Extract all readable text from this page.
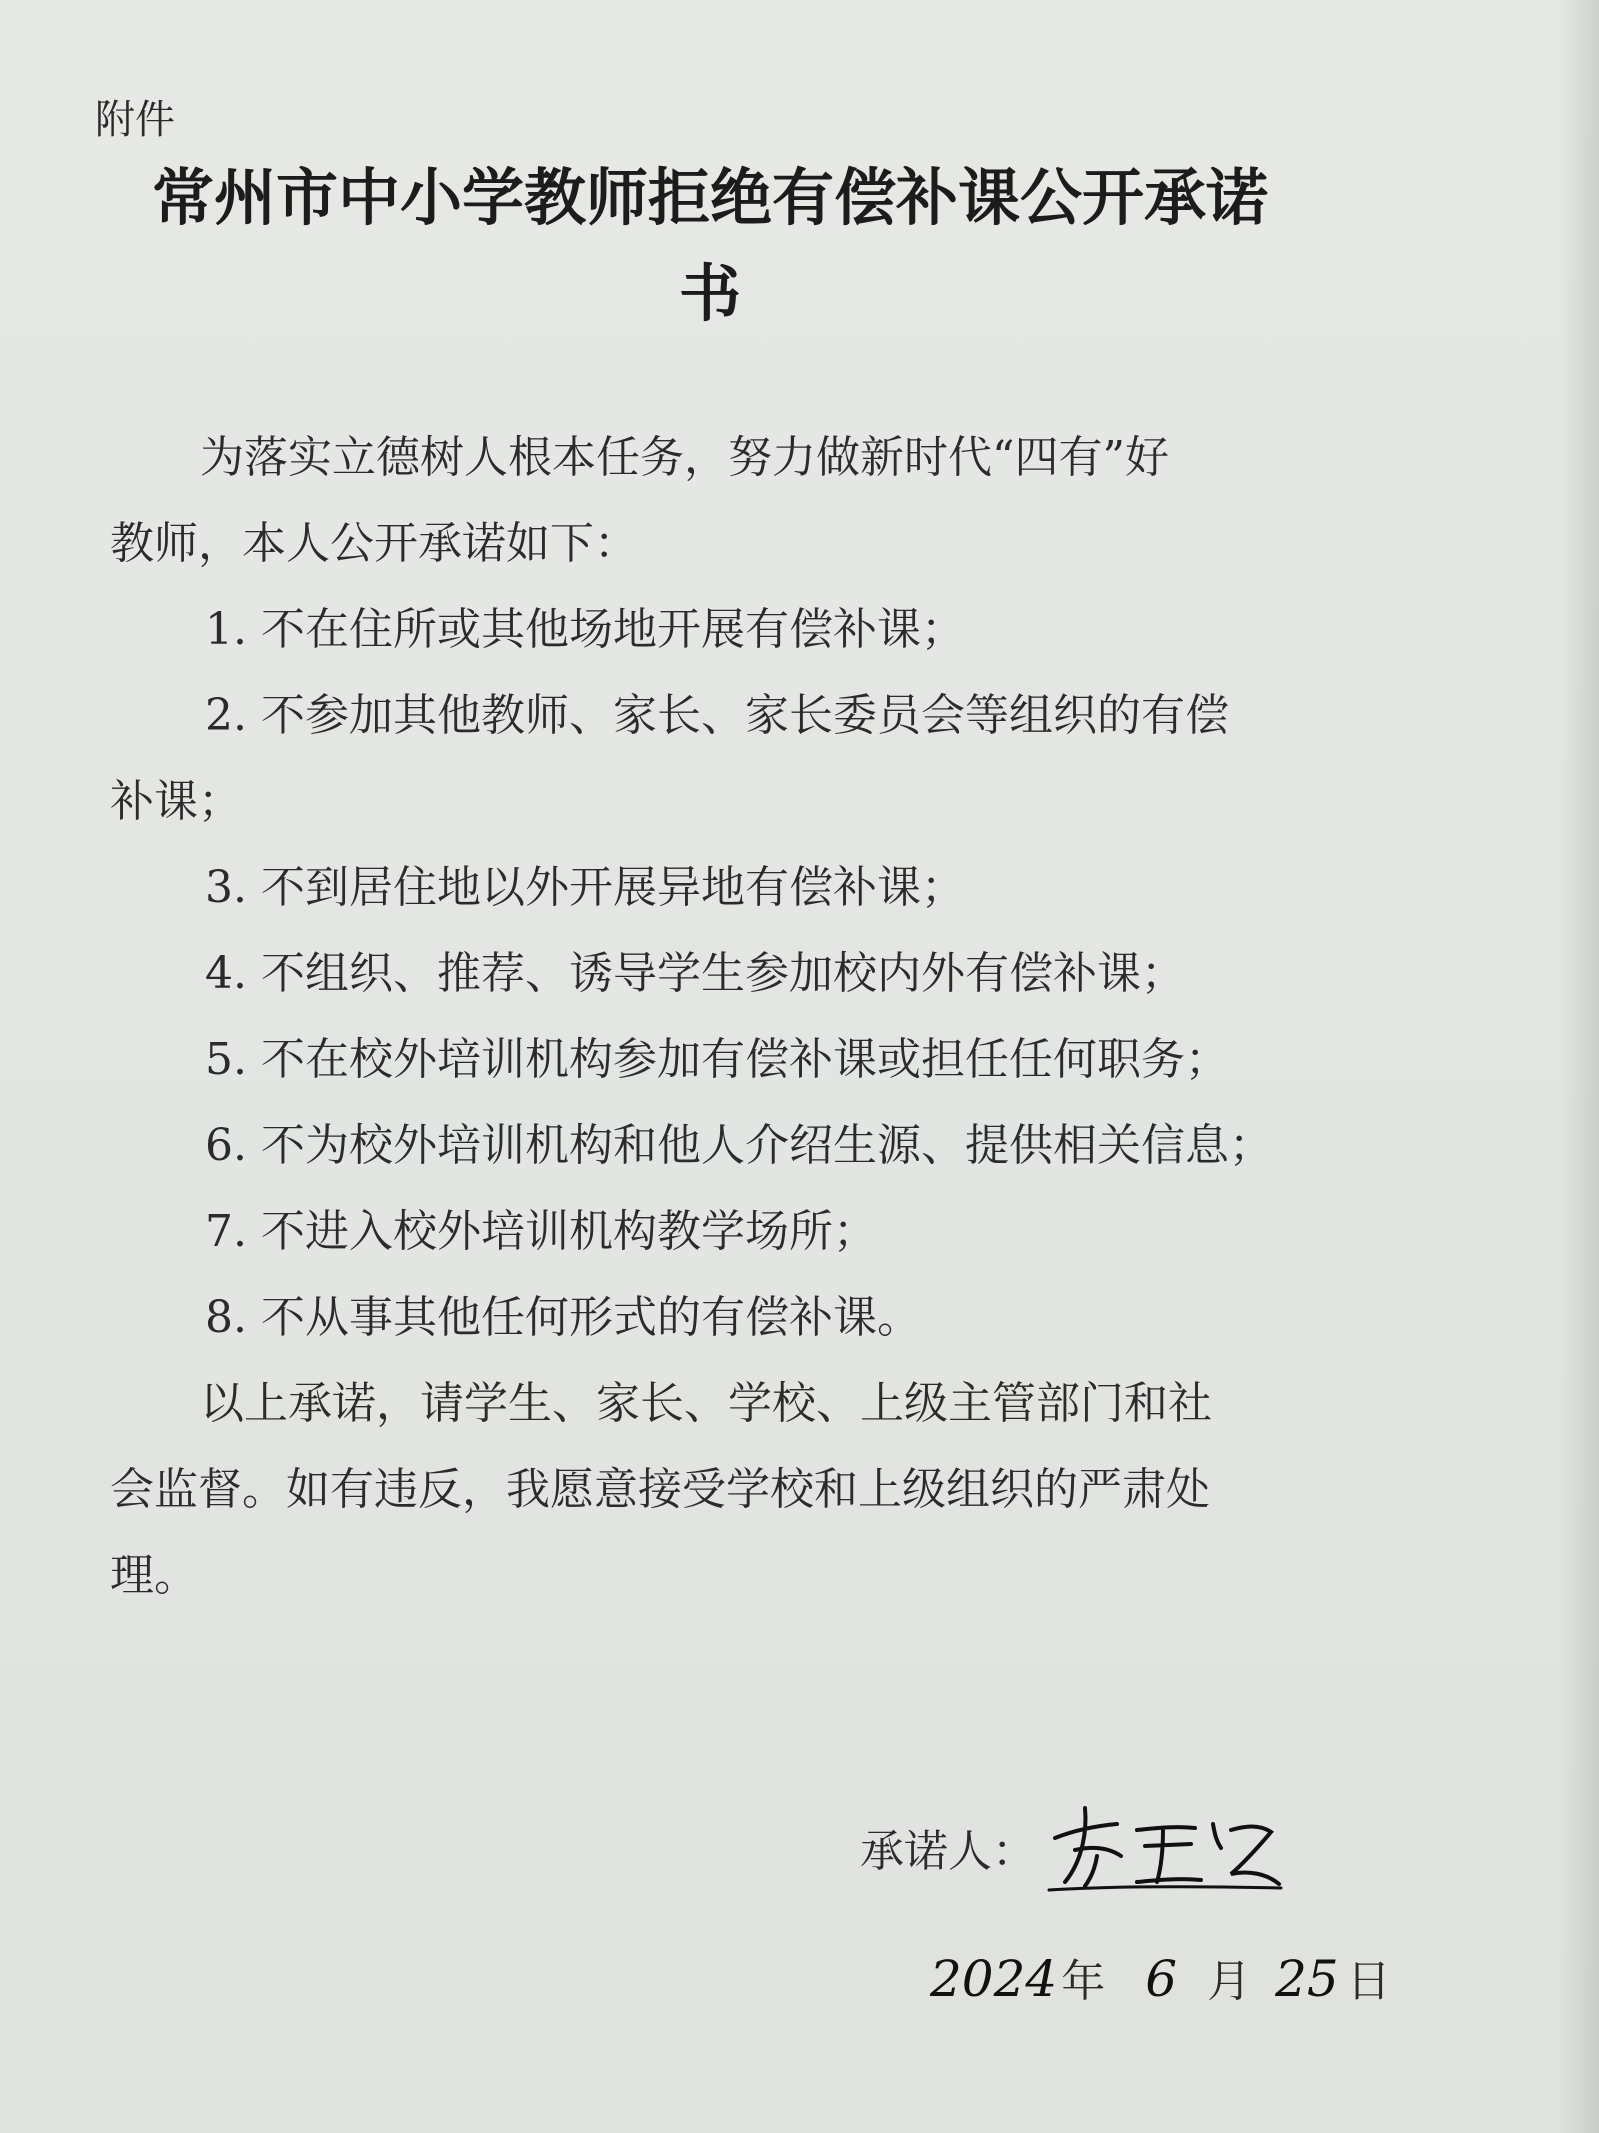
附件
常州市中小学教师拒绝有偿补课公开承诺
书

为落实立德树人根本任务，努力做新时代“四有”好

教师，本人公开承诺如下：

1. 不在住所或其他场地开展有偿补课；

2. 不参加其他教师、家长、家长委员会等组织的有偿

补课；

3. 不到居住地以外开展异地有偿补课；

4. 不组织、推荐、诱导学生参加校内外有偿补课；

5. 不在校外培训机构参加有偿补课或担任任何职务；

6. 不为校外培训机构和他人介绍生源、提供相关信息；

7. 不进入校外培训机构教学场所；

8. 不从事其他任何形式的有偿补课。

以上承诺，请学生、家长、学校、上级主管部门和社

会监督。如有违反，我愿意接受学校和上级组织的严肃处

理。

承诺人：
2024年 6 月 25 日
